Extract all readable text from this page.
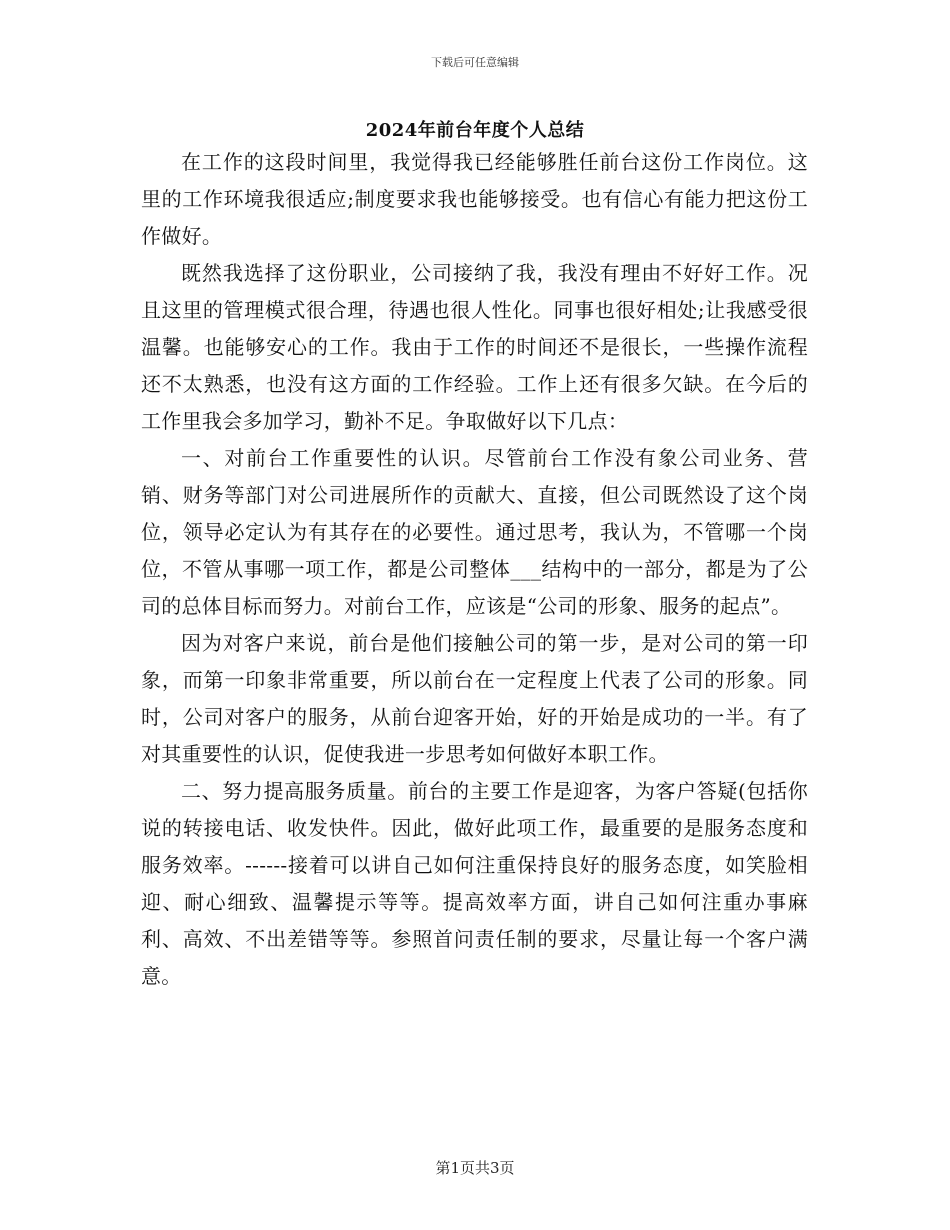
下载后可任意编辑
2024年前台年度个人总结

在工作的这段时间里，我觉得我已经能够胜任前台这份工作岗位。这里的工作环境我很适应;制度要求我也能够接受。也有信心有能力把这份工作做好。

既然我选择了这份职业，公司接纳了我，我没有理由不好好工作。况且这里的管理模式很合理，待遇也很人性化。同事也很好相处;让我感受很温馨。也能够安心的工作。我由于工作的时间还不是很长，一些操作流程还不太熟悉，也没有这方面的工作经验。工作上还有很多欠缺。在今后的工作里我会多加学习，勤补不足。争取做好以下几点：

一、对前台工作重要性的认识。尽管前台工作没有象公司业务、营销、财务等部门对公司进展所作的贡献大、直接，但公司既然设了这个岗位，领导必定认为有其存在的必要性。通过思考，我认为，不管哪一个岗位，不管从事哪一项工作，都是公司整体___结构中的一部分，都是为了公司的总体目标而努力。对前台工作，应该是“公司的形象、服务的起点”。

因为对客户来说，前台是他们接触公司的第一步，是对公司的第一印象，而第一印象非常重要，所以前台在一定程度上代表了公司的形象。同时，公司对客户的服务，从前台迎客开始，好的开始是成功的一半。有了对其重要性的认识，促使我进一步思考如何做好本职工作。

二、努力提高服务质量。前台的主要工作是迎客，为客户答疑(包括你说的转接电话、收发快件。因此，做好此项工作，最重要的是服务态度和服务效率。------接着可以讲自己如何注重保持良好的服务态度，如笑脸相迎、耐心细致、温馨提示等等。提高效率方面，讲自己如何注重办事麻利、高效、不出差错等等。参照首问责任制的要求，尽量让每一个客户满意。

第1页共3页
